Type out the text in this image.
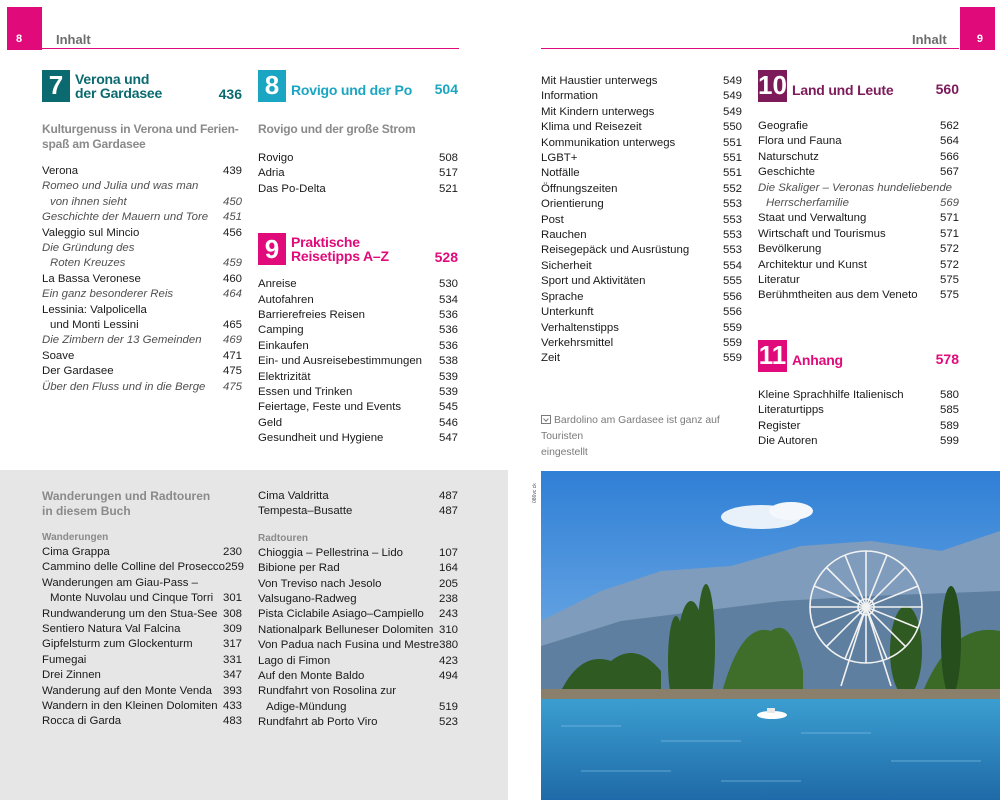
8	9
Inhalt	Inhalt
7 Verona und
der Gardasee	436
Kulturgenuss in Verona und Ferien-
spaß am Gardasee
Verona	439
Romeo und Julia und was man
von ihnen sieht	450
Geschichte der Mauern und Tore 451
Valeggio sul Mincio	456
Die Gründung des
Roten Kreuzes	459
La Bassa Veronese	460
Ein ganz besonderer Reis	464
Lessinia: Valpolicella
und Monti Lessini	465
Die Zimbern der 13 Gemeinden 469
Soave	471
Der Gardasee	475
Über den Fluss und in die Berge 475
8 Rovigo und der Po	504
Rovigo und der große Strom
Rovigo	508
Adria	517
Das Po-Delta	521
9 Praktische
Reisetipps A–Z	528
Anreise	530
Autofahren	534
Barrierefreies Reisen	536
Camping	536
Einkaufen	536
Ein- und Ausreisebestimmungen 538
Elektrizität	539
Essen und Trinken	539
Feiertage, Feste und Events	545
Geld	546
Gesundheit und Hygiene	547
Mit Haustier unterwegs	549
Information	549
Mit Kindern unterwegs	549
Klima und Reisezeit	550
Kommunikation unterwegs	551
LGBT+	551
Notfälle	551
Öffnungszeiten	552
Orientierung	553
Post	553
Rauchen	553
Reisegepäck und Ausrüstung	553
Sicherheit	554
Sport und Aktivitäten	555
Sprache	556
Unterkunft	556
Verhaltenstipps	559
Verkehrsmittel	559
Zeit	559
Bardolino am Gardasee ist ganz auf Touristen
eingestellt
10 Land und Leute	560
Geografie	562
Flora und Fauna	564
Naturschutz	566
Geschichte	567
Die Skaliger – Veronas hundeliebende
Herrscherfamilie	569
Staat und Verwaltung	571
Wirtschaft und Tourismus	571
Bevölkerung	572
Architektur und Kunst	572
Literatur	575
Berühmtheiten aus dem Veneto 575
11 Anhang	578
Kleine Sprachhilfe Italienisch	580
Literaturtipps	585
Register	589
Die Autoren	599
Wanderungen und Radtouren
in diesem Buch
Wanderungen
Cima Grappa	230
Cammino delle Colline del Prosecco 259
Wanderungen am Giau-Pass –
Monte Nuvolau und Cinque Torri 301
Rundwanderung um den Stua-See 308
Sentiero Natura Val Falcina	309
Gipfelsturm zum Glockenturm	317
Fumegai	331
Drei Zinnen	347
Wanderung auf den Monte Venda 393
Wandern in den Kleinen Dolomiten 433
Rocca di Garda	483
Cima Valdritta	487
Tempesta–Busatte	487
Radtouren
Chioggia – Pellestrina – Lido	107
Bibione per Rad	164
Von Treviso nach Jesolo	205
Valsugano-Radweg	238
Pista Ciclabile Asiago–Campiello 243
Nationalpark Belluneser Dolomiten 310
Von Padua nach Fusina und Mestre 380
Lago di Fimon	423
Auf den Monte Baldo	494
Rundfahrt von Rosolina zur
Adige-Mündung	519
Rundfahrt ab Porto Viro	523
086vc ck
